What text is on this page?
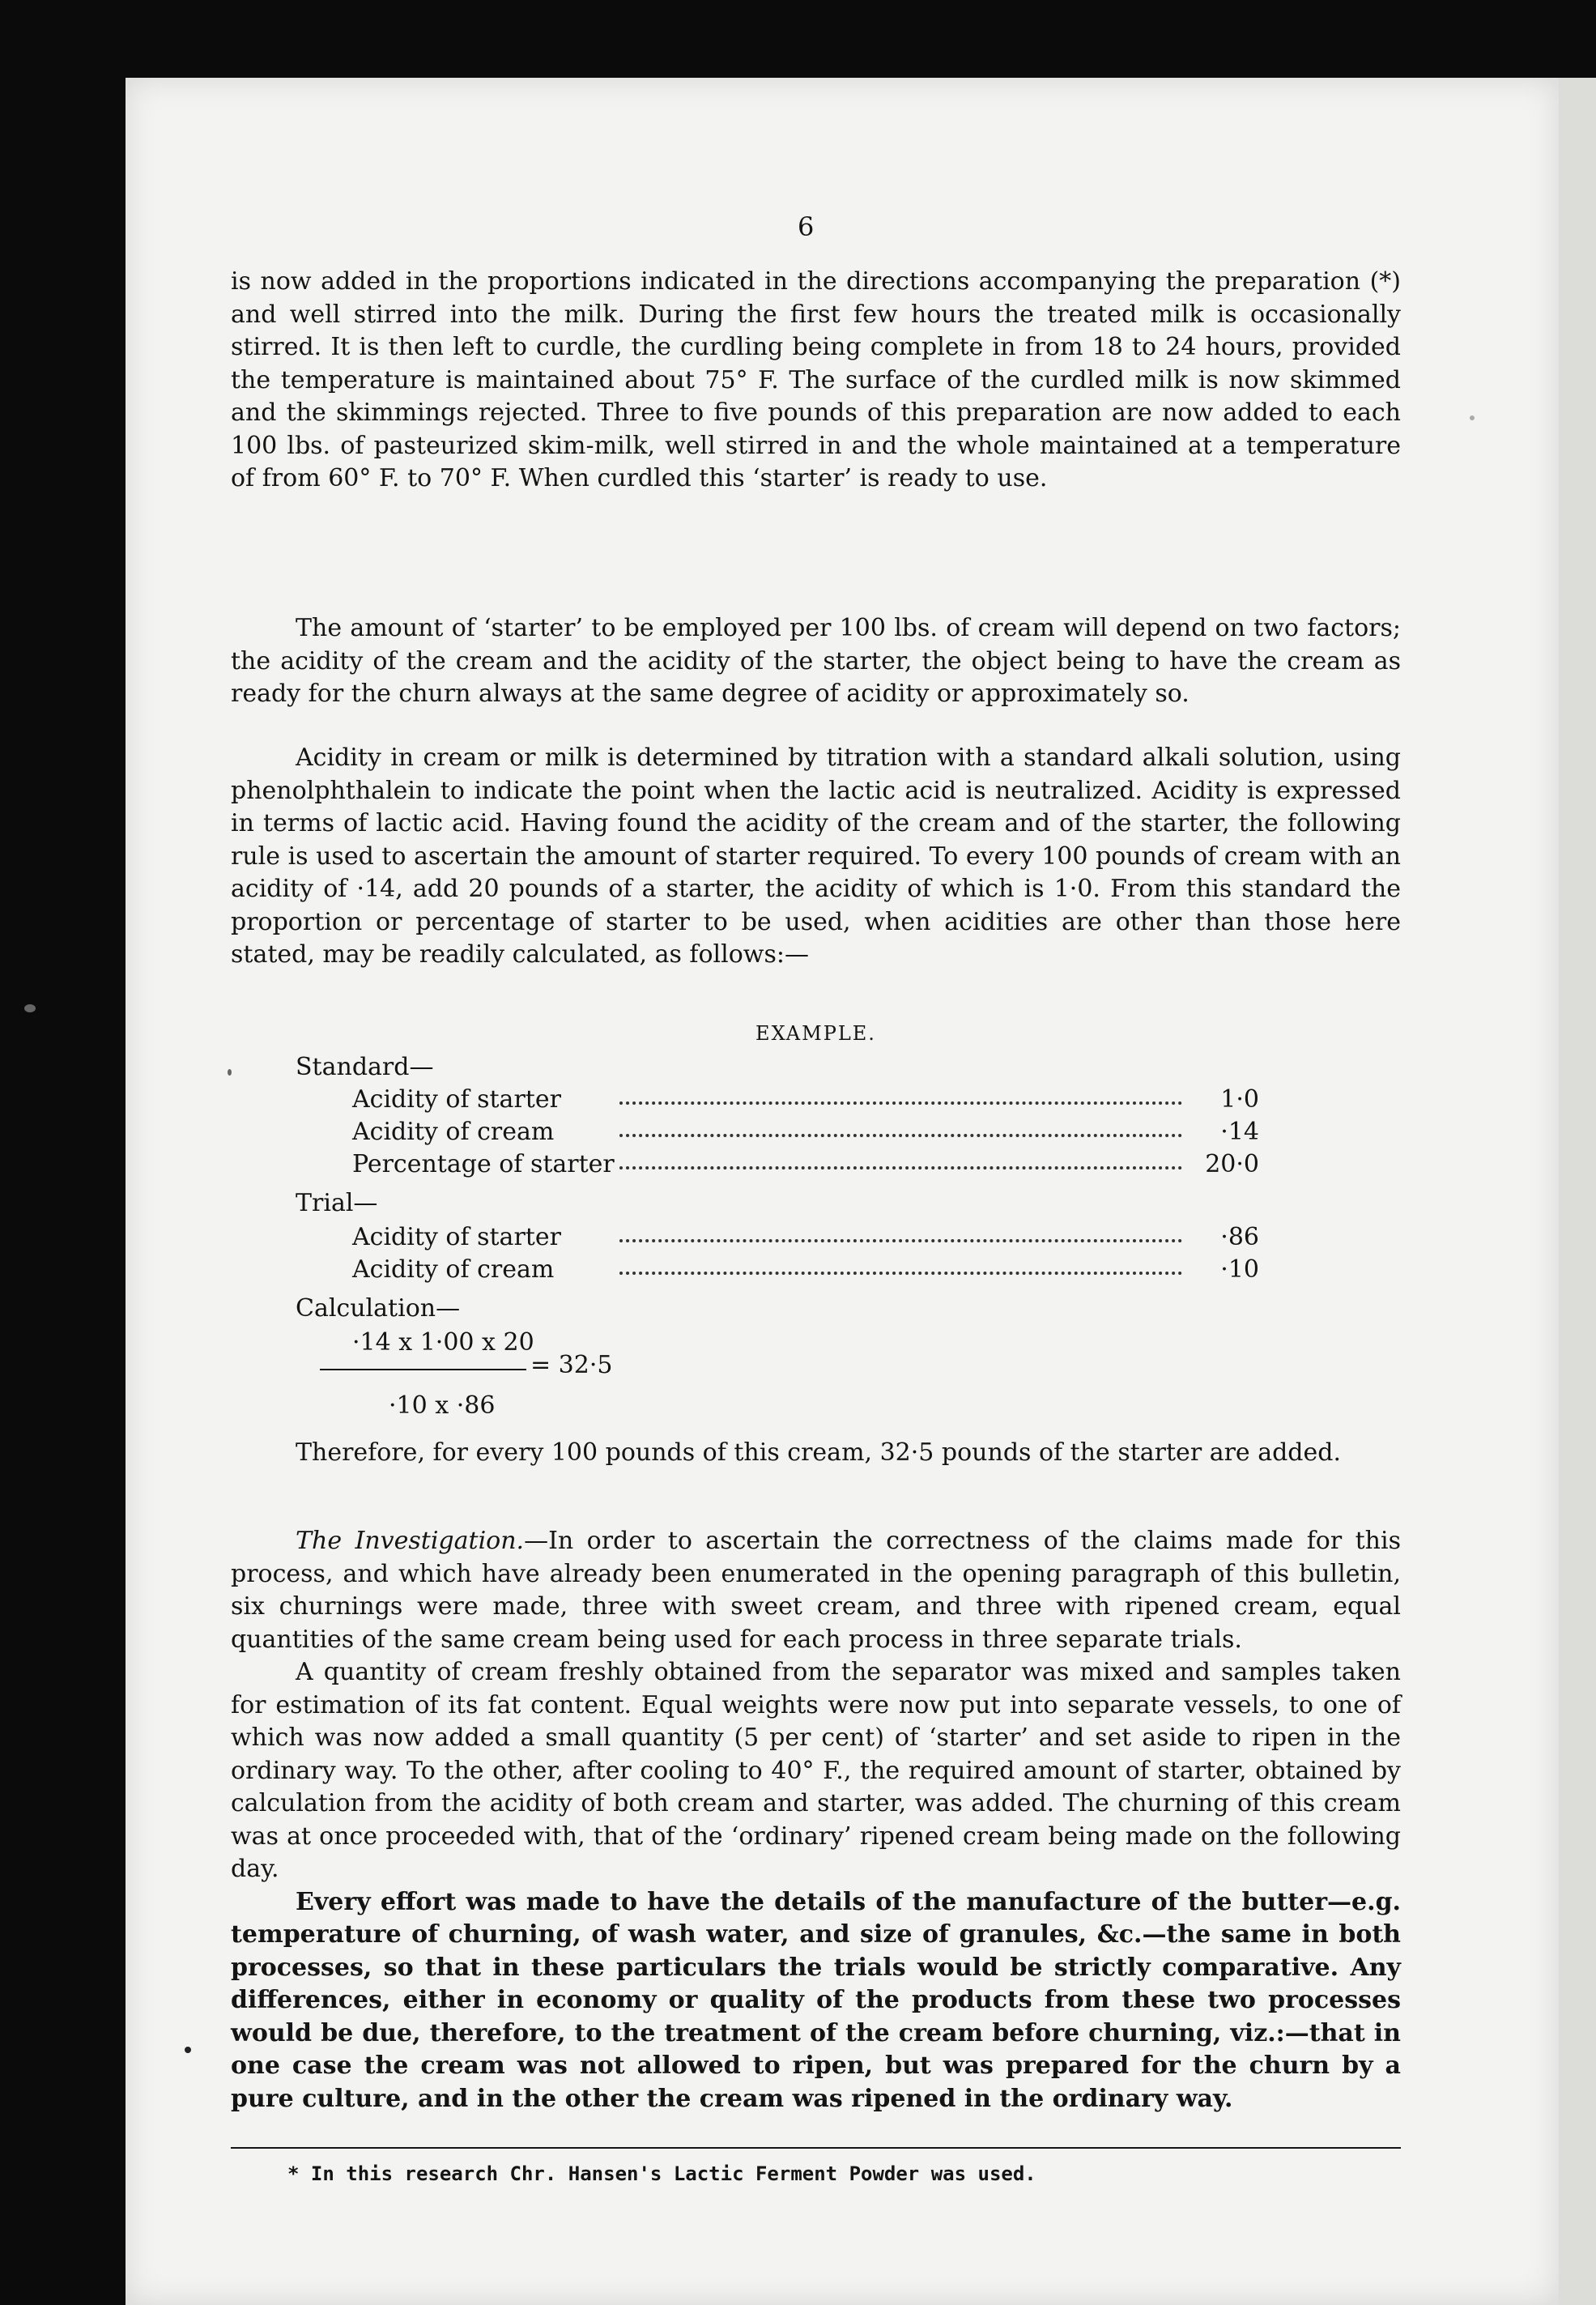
6

is now added in the proportions indicated in the directions accompanying the preparation (*) and well stirred into the milk. During the first few hours the treated milk is occasionally stirred. It is then left to curdle, the curdling being complete in from 18 to 24 hours, provided the temperature is maintained about 75° F. The surface of the curdled milk is now skimmed and the skimmings rejected. Three to five pounds of this preparation are now added to each 100 lbs. of pasteurized skim-milk, well stirred in and the whole maintained at a temperature of from 60° F. to 70° F. When curdled this ‘starter’ is ready to use.

The amount of ‘starter’ to be employed per 100 lbs. of cream will depend on two factors; the acidity of the cream and the acidity of the starter, the object being to have the cream as ready for the churn always at the same degree of acidity or approximately so.

Acidity in cream or milk is determined by titration with a standard alkali solution, using phenolphthalein to indicate the point when the lactic acid is neutralized. Acidity is expressed in terms of lactic acid. Having found the acidity of the cream and of the starter, the following rule is used to ascertain the amount of starter required. To every 100 pounds of cream with an acidity of ·14, add 20 pounds of a starter, the acidity of which is 1·0. From this standard the proportion or percentage of starter to be used, when acidities are other than those here stated, may be readily calculated, as follows:—

EXAMPLE.
Standard—
Acidity of starter	1·0
Acidity of cream	·14
Percentage of starter	20·0
Trial—
Acidity of starter	·86
Acidity of cream	·10
Calculation—
·14 x 1·00 x 20
= 32·5
·10 x ·86

Therefore, for every 100 pounds of this cream, 32·5 pounds of the starter are added.

The Investigation.—In order to ascertain the correctness of the claims made for this process, and which have already been enumerated in the opening paragraph of this bulletin, six churnings were made, three with sweet cream, and three with ripened cream, equal quantities of the same cream being used for each process in three separate trials.

A quantity of cream freshly obtained from the separator was mixed and samples taken for estimation of its fat content. Equal weights were now put into separate vessels, to one of which was now added a small quantity (5 per cent) of ‘starter’ and set aside to ripen in the ordinary way. To the other, after cooling to 40° F., the required amount of starter, obtained by calculation from the acidity of both cream and starter, was added. The churning of this cream was at once proceeded with, that of the ‘ordinary’ ripened cream being made on the following day.

Every effort was made to have the details of the manufacture of the butter—e.g. temperature of churning, of wash water, and size of granules, &c.—the same in both processes, so that in these particulars the trials would be strictly comparative. Any differences, either in economy or quality of the products from these two processes would be due, therefore, to the treatment of the cream before churning, viz.:—that in one case the cream was not allowed to ripen, but was prepared for the churn by a pure culture, and in the other the cream was ripened in the ordinary way.

* In this research Chr. Hansen's Lactic Ferment Powder was used.
